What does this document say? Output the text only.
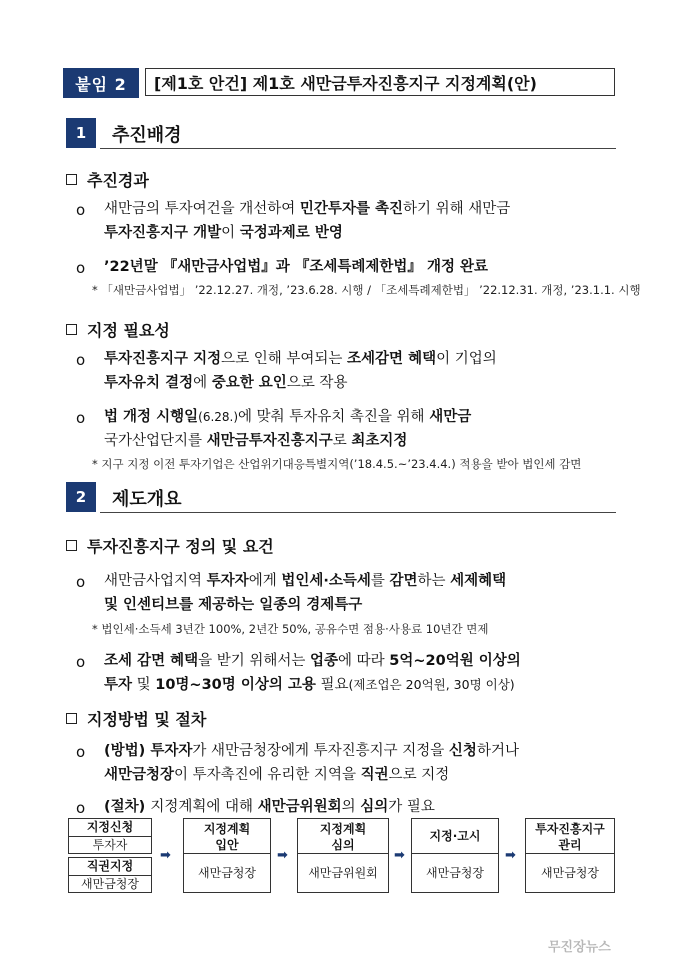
붙임 2	[제1호 안건] 제1호 새만금투자진흥지구 지정계획(안)
1	추진배경
추진경과
o 새만금의 투자여건을 개선하여 민간투자를 촉진하기 위해 새만금
투자진흥지구 개발이 국정과제로 반영
o ’22년말 『새만금사업법』과 『조세특례제한법』 개정 완료
* 「새만금사업법」 ’22.12.27. 개정, ’23.6.28. 시행 / 「조세특례제한법」 ’22.12.31. 개정, ’23.1.1. 시행
지정 필요성
o 투자진흥지구 지정으로 인해 부여되는 조세감면 혜택이 기업의
투자유치 결정에 중요한 요인으로 작용
o 법 개정 시행일(6.28.)에 맞춰 투자유치 촉진을 위해 새만금
국가산업단지를 새만금투자진흥지구로 최초지정
* 지구 지정 이전 투자기업은 산업위기대응특별지역(’18.4.5.~’23.4.4.) 적용을 받아 법인세 감면
2	제도개요
투자진흥지구 정의 및 요건
o 새만금사업지역 투자자에게 법인세·소득세를 감면하는 세제혜택
및 인센티브를 제공하는 일종의 경제특구
* 법인세·소득세 3년간 100%, 2년간 50%, 공유수면 점용·사용료 10년간 면제
o 조세 감면 혜택을 받기 위해서는 업종에 따라 5억~20억원 이상의
투자 및 10명~30명 이상의 고용 필요(제조업은 20억원, 30명 이상)
지정방법 및 절차
o (방법) 투자자가 새만금청장에게 투자진흥지구 지정을 신청하거나
새만금청장이 투자촉진에 유리한 지역을 직권으로 지정
o (절차) 지정계획에 대해 새만금위원회의 심의가 필요
지정신청
투자자
직권지정
새만금청장
➡
지정계획
입안
새만금청장
➡
지정계획
심의
새만금위원회
➡
지정·고시
새만금청장
➡
투자진흥지구
관리
새만금청장
무진장뉴스
